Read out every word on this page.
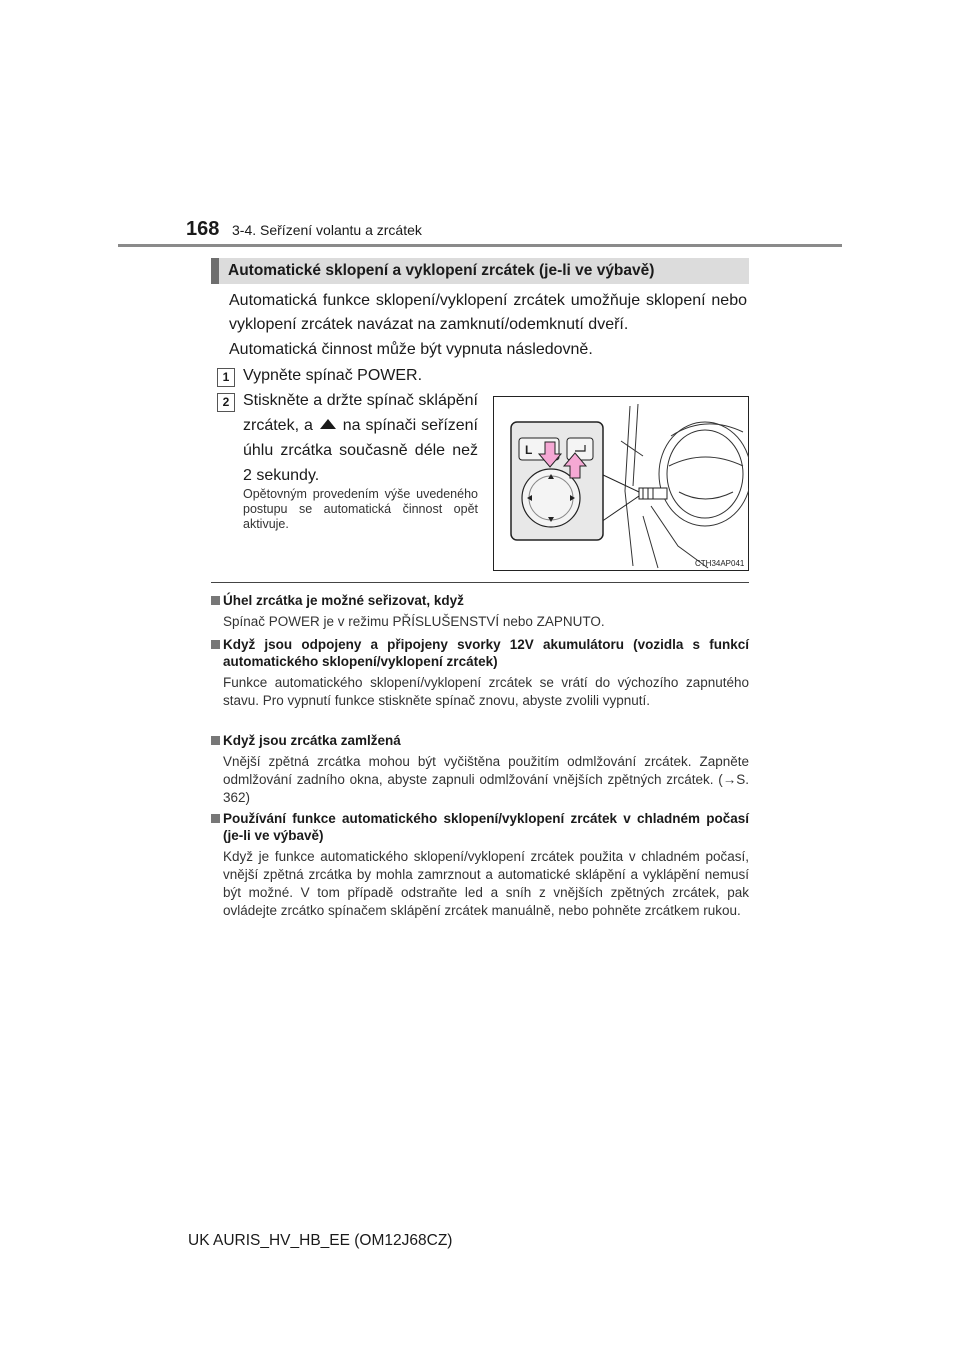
168 3-4. Seřízení volantu a zrcátek
Automatické sklopení a vyklopení zrcátek (je-li ve výbavě)
Automatická funkce sklopení/vyklopení zrcátek umožňuje sklopení nebo vyklopení zrcátek navázat na zamknutí/odemknutí dveří.
Automatická činnost může být vypnuta následovně.
1 Vypněte spínač POWER.
2 Stiskněte a držte spínač sklápění zrcátek, a na spínači seřízení úhlu zrcátka současně déle než 2 sekundy.
Opětovným provedením výše uvedeného postupu se automatická činnost opět aktivuje.
L
CTH34AP041
Úhel zrcátka je možné seřizovat, když
Spínač POWER je v režimu PŘÍSLUŠENSTVÍ nebo ZAPNUTO.
Když jsou odpojeny a připojeny svorky 12V akumulátoru (vozidla s funkcí automatického sklopení/vyklopení zrcátek)
Funkce automatického sklopení/vyklopení zrcátek se vrátí do výchozího zapnutého stavu. Pro vypnutí funkce stiskněte spínač znovu, abyste zvolili vypnutí.
Když jsou zrcátka zamlžená
Vnější zpětná zrcátka mohou být vyčištěna použitím odmlžování zrcátek. Zapněte odmlžování zadního okna, abyste zapnuli odmlžování vnějších zpětných zrcátek. (→S. 362)
Používání funkce automatického sklopení/vyklopení zrcátek v chladném počasí (je-li ve výbavě)
Když je funkce automatického sklopení/vyklopení zrcátek použita v chladném počasí, vnější zpětná zrcátka by mohla zamrznout a automatické sklápění a vyklápění nemusí být možné. V tom případě odstraňte led a sníh z vnějších zpětných zrcátek, pak ovládejte zrcátko spínačem sklápění zrcátek manuálně, nebo pohněte zrcátkem rukou.
UK AURIS_HV_HB_EE (OM12J68CZ)
